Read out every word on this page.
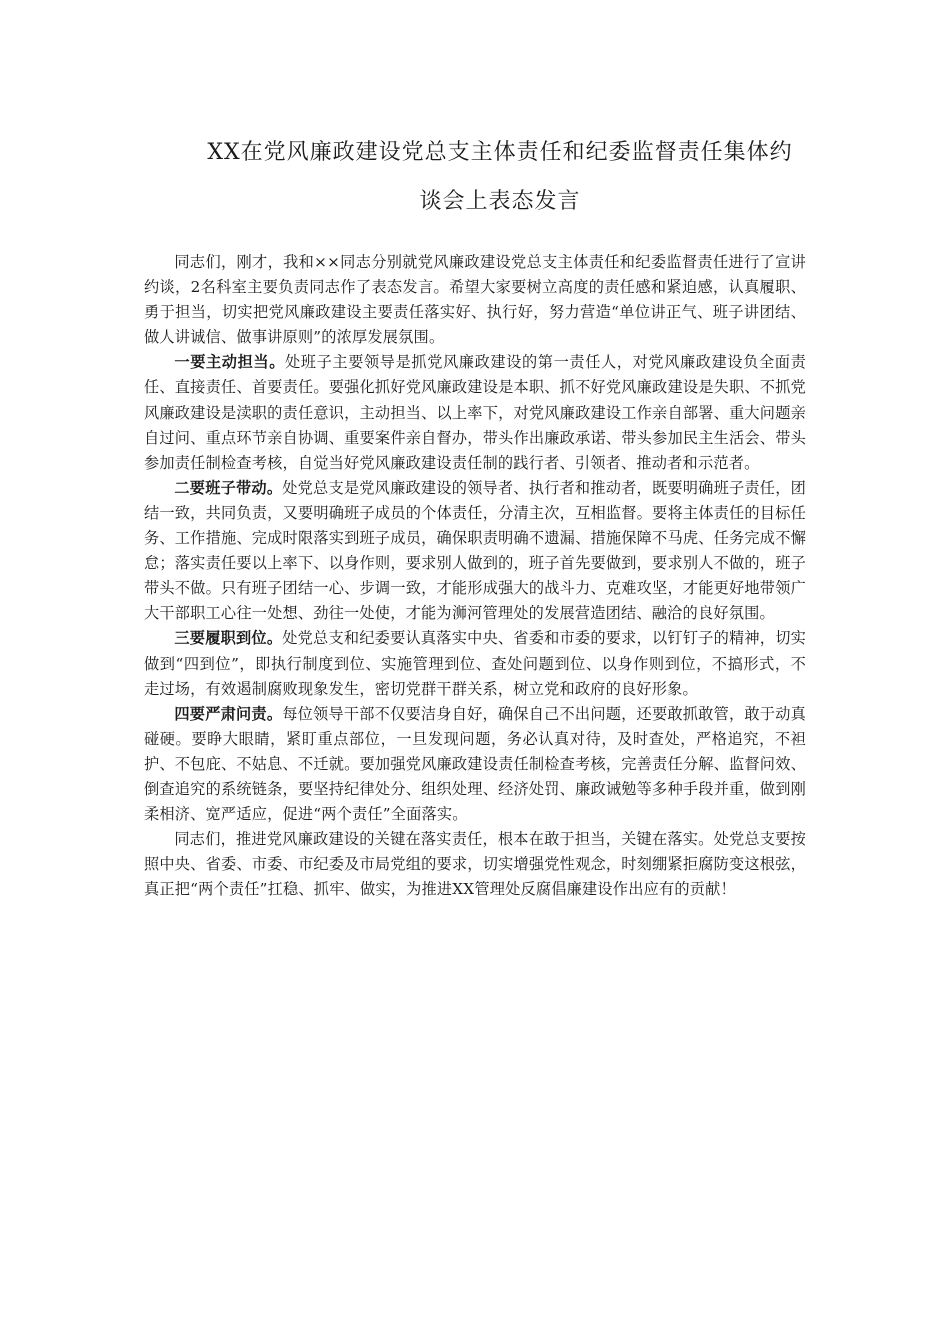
XX在党风廉政建设党总支主体责任和纪委监督责任集体约
谈会上表态发言

同志们，刚才，我和××同志分别就党风廉政建设党总支主体责任和纪委监督责任进行了宣讲约谈，2名科室主要负责同志作了表态发言。希望大家要树立高度的责任感和紧迫感，认真履职、勇于担当，切实把党风廉政建设主要责任落实好、执行好，努力营造“单位讲正气、班子讲团结、做人讲诚信、做事讲原则”的浓厚发展氛围。

一要主动担当。处班子主要领导是抓党风廉政建设的第一责任人，对党风廉政建设负全面责任、直接责任、首要责任。要强化抓好党风廉政建设是本职、抓不好党风廉政建设是失职、不抓党风廉政建设是渎职的责任意识，主动担当、以上率下，对党风廉政建设工作亲自部署、重大问题亲自过问、重点环节亲自协调、重要案件亲自督办，带头作出廉政承诺、带头参加民主生活会、带头参加责任制检查考核，自觉当好党风廉政建设责任制的践行者、引领者、推动者和示范者。

二要班子带动。处党总支是党风廉政建设的领导者、执行者和推动者，既要明确班子责任，团结一致，共同负责，又要明确班子成员的个体责任，分清主次，互相监督。要将主体责任的目标任务、工作措施、完成时限落实到班子成员，确保职责明确不遗漏、措施保障不马虎、任务完成不懈怠；落实责任要以上率下、以身作则，要求别人做到的，班子首先要做到，要求别人不做的，班子带头不做。只有班子团结一心、步调一致，才能形成强大的战斗力、克难攻坚，才能更好地带领广大干部职工心往一处想、劲往一处使，才能为浉河管理处的发展营造团结、融洽的良好氛围。

三要履职到位。处党总支和纪委要认真落实中央、省委和市委的要求，以钉钉子的精神，切实做到“四到位”，即执行制度到位、实施管理到位、查处问题到位、以身作则到位，不搞形式，不走过场，有效遏制腐败现象发生，密切党群干群关系，树立党和政府的良好形象。

四要严肃问责。每位领导干部不仅要洁身自好，确保自己不出问题，还要敢抓敢管，敢于动真碰硬。要睁大眼睛，紧盯重点部位，一旦发现问题，务必认真对待，及时查处，严格追究，不袒护、不包庇、不姑息、不迁就。要加强党风廉政建设责任制检查考核，完善责任分解、监督问效、倒查追究的系统链条，要坚持纪律处分、组织处理、经济处罚、廉政诫勉等多种手段并重，做到刚柔相济、宽严适应，促进“两个责任”全面落实。

同志们，推进党风廉政建设的关键在落实责任，根本在敢于担当，关键在落实。处党总支要按照中央、省委、市委、市纪委及市局党组的要求，切实增强党性观念，时刻绷紧拒腐防变这根弦，真正把“两个责任”扛稳、抓牢、做实，为推进XX管理处反腐倡廉建设作出应有的贡献！
